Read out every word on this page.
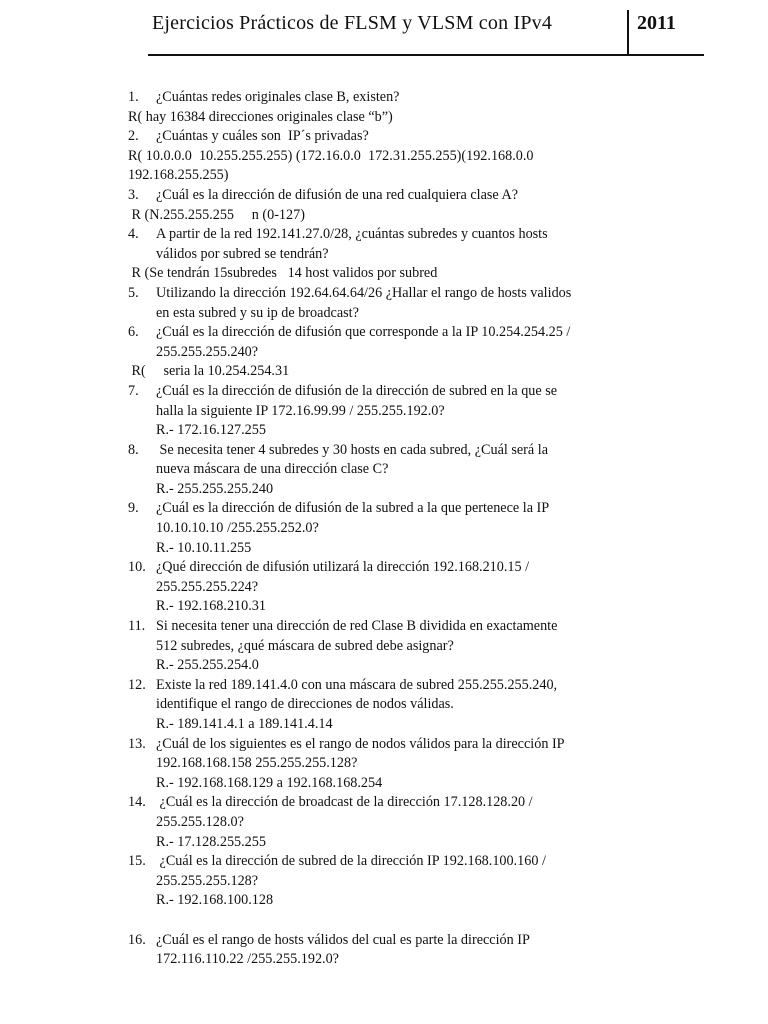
Ejercicios Prácticos de FLSM y VLSM con IPv4	2011
1. ¿Cuántas redes originales clase B, existen?
R( hay 16384 direcciones originales clase “b”)
2. ¿Cuántas y cuáles son  IP´s privadas?
R( 10.0.0.0  10.255.255.255) (172.16.0.0  172.31.255.255)(192.168.0.0
192.168.255.255)
3. ¿Cuál es la dirección de difusión de una red cualquiera clase A?
R (N.255.255.255     n (0-127)
4. A partir de la red 192.141.27.0/28, ¿cuántas subredes y cuantos hosts
válidos por subred se tendrán?
R (Se tendrán 15subredes   14 host validos por subred
5. Utilizando la dirección 192.64.64.64/26 ¿Hallar el rango de hosts validos
en esta subred y su ip de broadcast?
6. ¿Cuál es la dirección de difusión que corresponde a la IP 10.254.254.25 /
255.255.255.240?
R(     seria la 10.254.254.31
7. ¿Cuál es la dirección de difusión de la dirección de subred en la que se
halla la siguiente IP 172.16.99.99 / 255.255.192.0?
R.- 172.16.127.255
8. Se necesita tener 4 subredes y 30 hosts en cada subred, ¿Cuál será la
nueva máscara de una dirección clase C?
R.- 255.255.255.240
9. ¿Cuál es la dirección de difusión de la subred a la que pertenece la IP
10.10.10.10 /255.255.252.0?
R.- 10.10.11.255
10. ¿Qué dirección de difusión utilizará la dirección 192.168.210.15 /
255.255.255.224?
R.- 192.168.210.31
11. Si necesita tener una dirección de red Clase B dividida en exactamente
512 subredes, ¿qué máscara de subred debe asignar?
R.- 255.255.254.0
12. Existe la red 189.141.4.0 con una máscara de subred 255.255.255.240,
identifique el rango de direcciones de nodos válidas.
R.- 189.141.4.1 a 189.141.4.14
13. ¿Cuál de los siguientes es el rango de nodos válidos para la dirección IP
192.168.168.158 255.255.255.128?
R.- 192.168.168.129 a 192.168.168.254
14. ¿Cuál es la dirección de broadcast de la dirección 17.128.128.20 /
255.255.128.0?
R.- 17.128.255.255
15. ¿Cuál es la dirección de subred de la dirección IP 192.168.100.160 /
255.255.255.128?
R.- 192.168.100.128
16. ¿Cuál es el rango de hosts válidos del cual es parte la dirección IP
172.116.110.22 /255.255.192.0?
